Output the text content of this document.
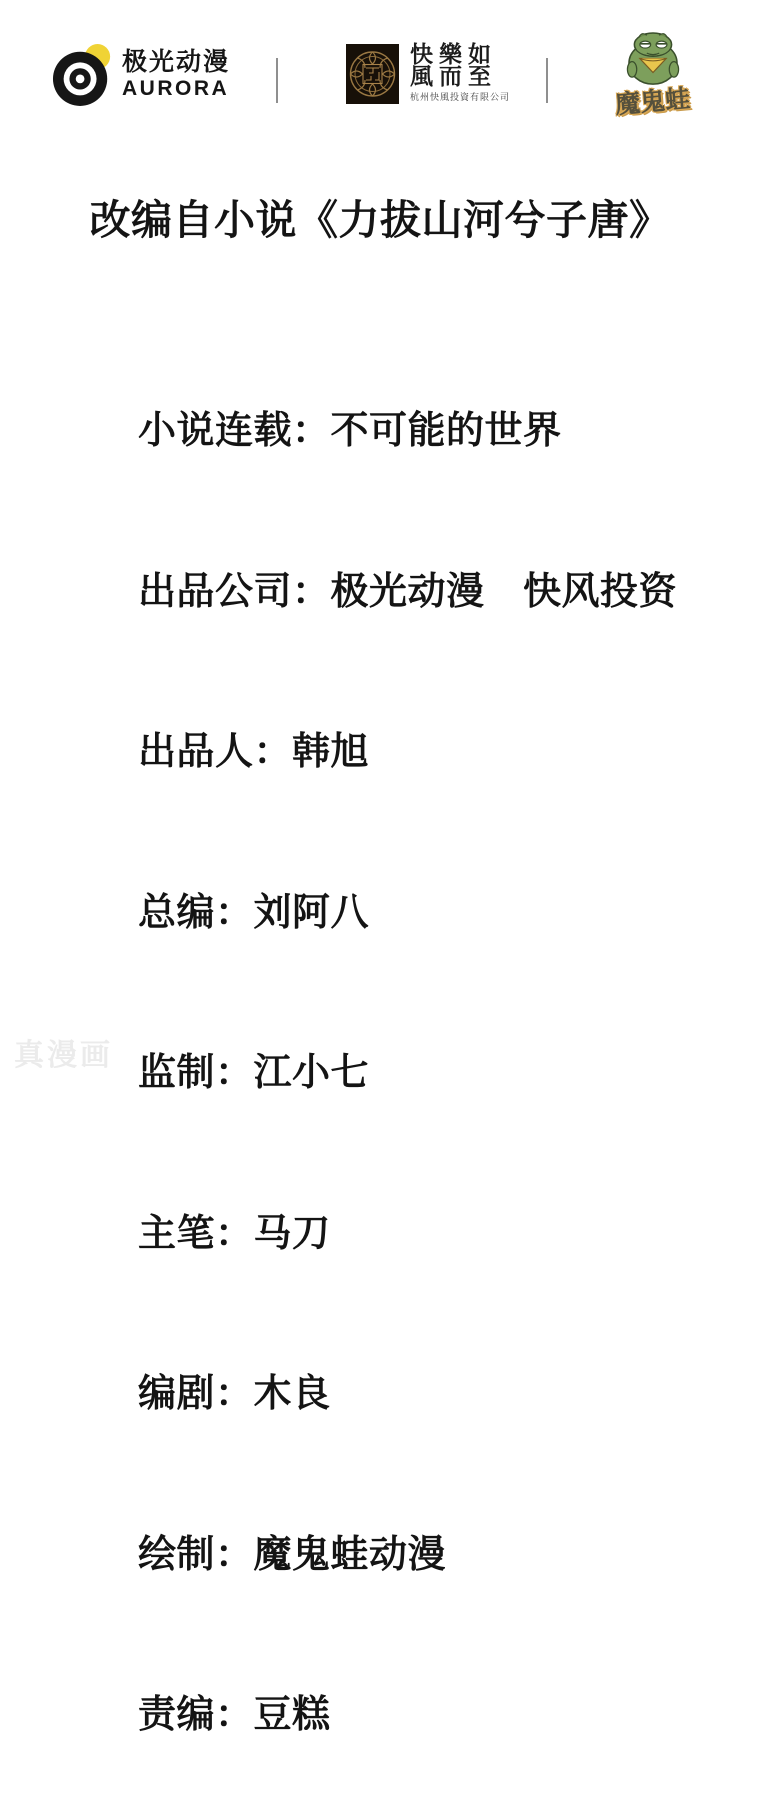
极光动漫
AURORA
快樂如
風而至
杭州快風投資有限公司	魔鬼蛙
改编自小说《力拔山河兮子唐》

小说连载：不可能的世界

出品公司：极光动漫　快风投资

出品人：韩旭

总编：刘阿八

监制：江小七

主笔：马刀

编剧：木良

绘制：魔鬼蛙动漫

责编：豆糕

真漫画
